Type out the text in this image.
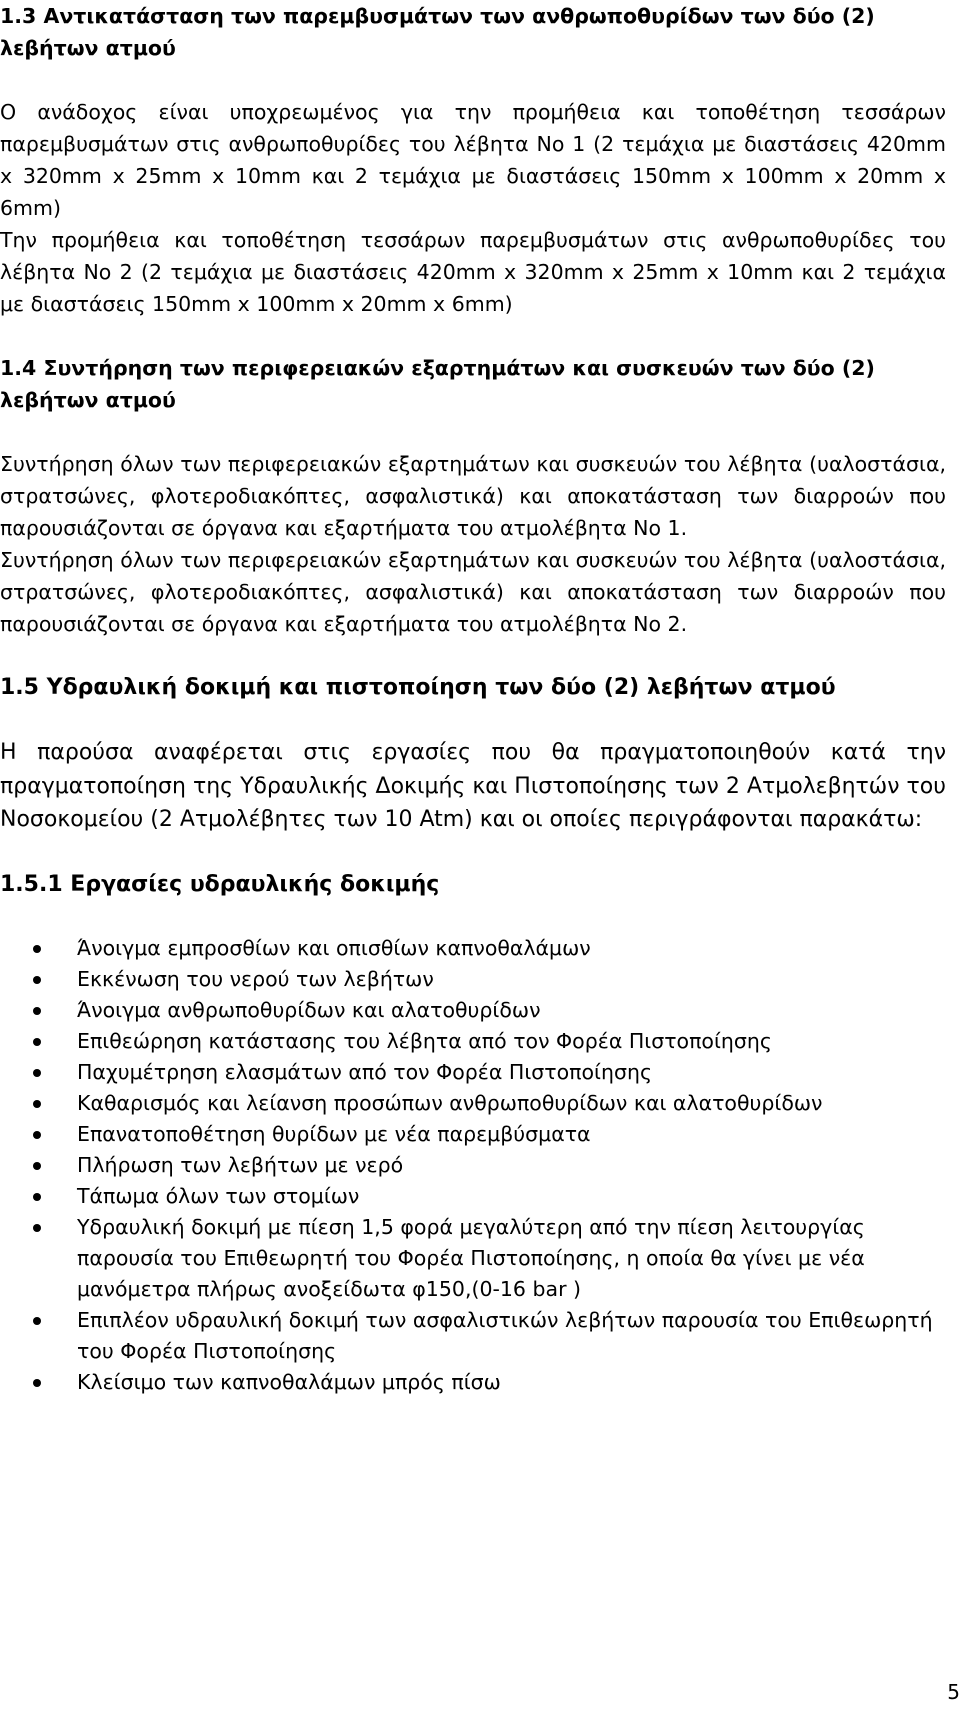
1.3 Αντικατάσταση των παρεμβυσμάτων των ανθρωποθυρίδων των δύο (2) λεβήτων ατμού

Ο ανάδοχος είναι υποχρεωμένος για την προμήθεια και τοποθέτηση τεσσάρων παρεμβυσμάτων στις ανθρωποθυρίδες του λέβητα Νο 1 (2 τεμάχια με διαστάσεις 420mm x 320mm x 25mm x 10mm και 2 τεμάχια με διαστάσεις 150mm x 100mm x 20mm x 6mm)

Την προμήθεια και τοποθέτηση τεσσάρων παρεμβυσμάτων στις ανθρωποθυρίδες του λέβητα Νο 2 (2 τεμάχια με διαστάσεις 420mm x 320mm x 25mm x 10mm και 2 τεμάχια με διαστάσεις 150mm x 100mm x 20mm x 6mm)

1.4 Συντήρηση των περιφερειακών εξαρτημάτων και συσκευών των δύο (2) λεβήτων ατμού

Συντήρηση όλων των περιφερειακών εξαρτημάτων και συσκευών του λέβητα (υαλοστάσια, στρατσώνες, φλοτεροδιακόπτες, ασφαλιστικά) και αποκατάσταση των διαρροών που παρουσιάζονται σε όργανα και εξαρτήματα του ατμολέβητα Νο 1.

Συντήρηση όλων των περιφερειακών εξαρτημάτων και συσκευών του λέβητα (υαλοστάσια, στρατσώνες, φλοτεροδιακόπτες, ασφαλιστικά) και αποκατάσταση των διαρροών που παρουσιάζονται σε όργανα και εξαρτήματα του ατμολέβητα Νο 2.

1.5 Υδραυλική δοκιμή και πιστοποίηση των δύο (2) λεβήτων ατμού

Η παρούσα αναφέρεται στις εργασίες που θα πραγματοποιηθούν κατά την πραγματοποίηση της Υδραυλικής Δοκιμής και Πιστοποίησης των 2 Ατμολεβητών του Νοσοκομείου (2 Ατμολέβητες των 10 Atm) και οι οποίες περιγράφονται παρακάτω:

1.5.1 Εργασίες υδραυλικής δοκιμής
Άνοιγμα εμπροσθίων και οπισθίων καπνοθαλάμων
Εκκένωση του νερού των λεβήτων
Άνοιγμα ανθρωποθυρίδων και αλατοθυρίδων
Επιθεώρηση κατάστασης του λέβητα από τον Φορέα Πιστοποίησης
Παχυμέτρηση ελασμάτων από τον Φορέα Πιστοποίησης
Καθαρισμός και λείανση προσώπων ανθρωποθυρίδων και αλατοθυρίδων
Επανατοποθέτηση θυρίδων με νέα παρεμβύσματα
Πλήρωση των λεβήτων με νερό
Τάπωμα όλων των στομίων
Υδραυλική δοκιμή με πίεση 1,5 φορά μεγαλύτερη από την πίεση λειτουργίας παρουσία του Επιθεωρητή του Φορέα Πιστοποίησης, η οποία θα γίνει με νέα μανόμετρα πλήρως ανοξείδωτα φ150,(0-16 bar )
Επιπλέον υδραυλική δοκιμή των ασφαλιστικών λεβήτων παρουσία του Επιθεωρητή του Φορέα Πιστοποίησης
Κλείσιμο των καπνοθαλάμων μπρός πίσω
5
